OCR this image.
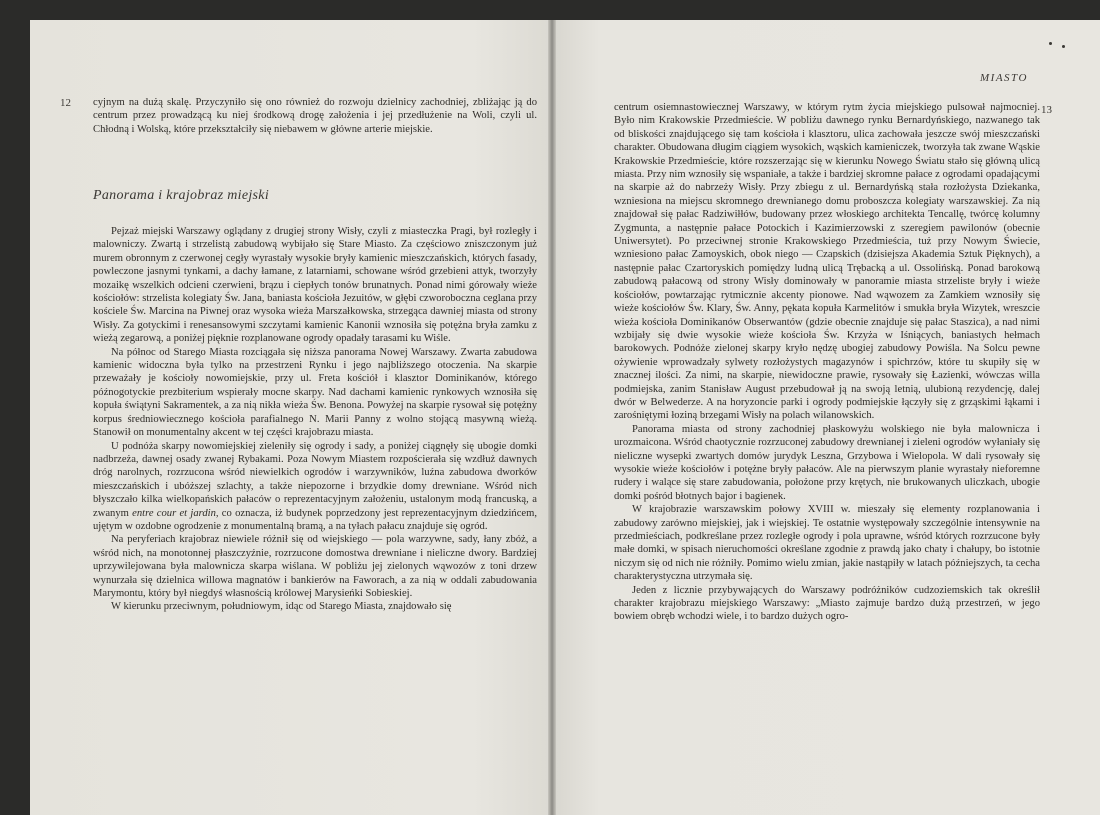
12 cyjnym na dużą skalę. Przyczyniło się ono również do rozwoju dzielnicy zachodniej, zbliżając ją do centrum przez prowadzącą ku niej środkową drogę założenia i jej przedłużenie na Woli, czyli ul. Chłodną i Wolską, które przekształciły się niebawem w główne arterie miejskie.

Panorama i krajobraz miejski

Pejzaż miejski Warszawy oglądany z drugiej strony Wisły, czyli z miasteczka Pragi, był rozległy i malowniczy. Zwartą i strzelistą zabudową wybijało się Stare Miasto. Za częściowo zniszczonym już murem obronnym z czerwonej cegły wyrastały wysokie bryły kamienic mieszczańskich, których fasady, powleczone jasnymi tynkami, a dachy łamane, z latarniami, schowane wśród grzebieni attyk, tworzyły mozaikę wszelkich odcieni czerwieni, brązu i ciepłych tonów brunatnych. Ponad nimi górowały wieże kościołów: strzelista kolegiaty Św. Jana, baniasta kościoła Jezuitów, w głębi czworoboczna ceglana przy kościele Św. Marcina na Piwnej oraz wysoka wieża Marszałkowska, strzegąca dawniej miasta od strony Wisły. Za gotyckimi i renesansowymi szczytami kamienic Kanonii wznosiła się potężna bryła zamku z wieżą zegarową, a poniżej pięknie rozplanowane ogrody opadały tarasami ku Wiśle.

Na północ od Starego Miasta rozciągała się niższa panorama Nowej Warszawy. Zwarta zabudowa kamienic widoczna była tylko na przestrzeni Rynku i jego najbliższego otoczenia. Na skarpie przeważały je kościoły nowomiejskie, przy ul. Freta kościół i klasztor Dominikanów, którego późnogotyckie prezbiterium wspierały mocne skarpy. Nad dachami kamienic rynkowych wznosiła się kopuła świątyni Sakramentek, a za nią nikła wieża Św. Benona. Powyżej na skarpie rysował się potężny korpus średniowiecznego kościoła parafialnego N. Marii Panny z wolno stojącą masywną wieżą. Stanowił on monumentalny akcent w tej części krajobrazu miasta.

U podnóża skarpy nowomiejskiej zieleniły się ogrody i sady, a poniżej ciągnęły się ubogie domki nadbrzeża, dawnej osady zwanej Rybakami. Poza Nowym Miastem rozpościerała się wzdłuż dawnych dróg narolnych, rozrzucona wśród niewielkich ogrodów i warzywników, luźna zabudowa dworków mieszczańskich i ubóższej szlachty, a także niepozorne i brzydkie domy drewniane. Wśród nich błyszczało kilka wielkopańskich pałaców o reprezentacyjnym założeniu, ustalonym modą francuską, a zwanym entre cour et jardin, co oznacza, iż budynek poprzedzony jest reprezentacyjnym dziedzińcem, ujętym w ozdobne ogrodzenie z monumentalną bramą, a na tyłach pałacu znajduje się ogród.

Na peryferiach krajobraz niewiele różnił się od wiejskiego — pola warzywne, sady, łany zbóż, a wśród nich, na monotonnej płaszczyźnie, rozrzucone domostwa drewniane i nieliczne dwory. Bardziej uprzywilejowana była malownicza skarpa wiślana. W pobliżu jej zielonych wąwozów z toni drzew wynurzała się dzielnica willowa magnatów i bankierów na Faworach, a za nią w oddali zabudowania Marymontu, który był niegdyś własnością królowej Marysieńki Sobieskiej.

W kierunku przeciwnym, południowym, idąc od Starego Miasta, znajdowało się

MIASTO
13

centrum osiemnastowiecznej Warszawy, w którym rytm życia miejskiego pulsował najmocniej. Było nim Krakowskie Przedmieście. W pobliżu dawnego rynku Bernardyńskiego, nazwanego tak od bliskości znajdującego się tam kościoła i klasztoru, ulica zachowała jeszcze swój mieszczański charakter. Obudowana długim ciągiem wysokich, wąskich kamieniczek, tworzyła tak zwane Wąskie Krakowskie Przedmieście, które rozszerzając się w kierunku Nowego Światu stało się główną ulicą miasta. Przy nim wznosiły się wspaniałe, a także i bardziej skromne pałace z ogrodami opadającymi na skarpie aż do nabrzeży Wisły. Przy zbiegu z ul. Bernardyńską stała rozłożysta Dziekanka, wzniesiona na miejscu skromnego drewnianego domu proboszcza kolegiaty warszawskiej. Za nią znajdował się pałac Radziwiłłów, budowany przez włoskiego architekta Tencallę, twórcę kolumny Zygmunta, a następnie pałace Potockich i Kazimierzowski z szeregiem pawilonów (obecnie Uniwersytet). Po przeciwnej stronie Krakowskiego Przedmieścia, tuż przy Nowym Świecie, wzniesiono pałac Zamoyskich, obok niego — Czapskich (dzisiejsza Akademia Sztuk Pięknych), a następnie pałac Czartoryskich pomiędzy ludną ulicą Trębacką a ul. Ossolińską. Ponad barokową zabudową pałacową od strony Wisły dominowały w panoramie miasta strzeliste bryły i wieże kościołów, powtarzając rytmicznie akcenty pionowe. Nad wąwozem za Zamkiem wznosiły się wieże kościołów Św. Klary, Św. Anny, pękata kopuła Karmelitów i smukła bryła Wizytek, wreszcie wieża kościoła Dominikanów Obserwantów (gdzie obecnie znajduje się pałac Staszica), a nad nimi wzbijały się dwie wysokie wieże kościoła Św. Krzyża w Iśniących, baniastych hełmach barokowych. Podnóże zielonej skarpy kryło nędzę ubogiej zabudowy Powiśla. Na Solcu pewne ożywienie wprowadzały sylwety rozłożystych magazynów i spichrzów, które tu skupiły się w znacznej ilości. Za nimi, na skarpie, niewidoczne prawie, rysowały się Łazienki, wówczas willa podmiejska, zanim Stanisław August przebudował ją na swoją letnią, ulubioną rezydencję, dalej dwór w Belwederze. A na horyzoncie parki i ogrody podmiejskie łączyły się z grząskimi łąkami i zarośniętymi łoziną brzegami Wisły na polach wilanowskich.

Panorama miasta od strony zachodniej płaskowyżu wolskiego nie była malownicza i urozmaicona. Wśród chaotycznie rozrzuconej zabudowy drewnianej i zieleni ogrodów wyłaniały się nieliczne wysepki zwartych domów jurydyk Leszna, Grzybowa i Wielopola. W dali rysowały się wysokie wieże kościołów i potężne bryły pałaców. Ale na pierwszym planie wyrastały nieforemne rudery i walące się stare zabudowania, położone przy krętych, nie brukowanych uliczkach, ubogie domki pośród błotnych bajor i bagienek.

W krajobrazie warszawskim połowy XVIII w. mieszały się elementy rozplanowania i zabudowy zarówno miejskiej, jak i wiejskiej. Te ostatnie występowały szczególnie intensywnie na przedmieściach, podkreślane przez rozległe ogrody i pola uprawne, wśród których rozrzucone były małe domki, w spisach nieruchomości określane zgodnie z prawdą jako chaty i chałupy, bo istotnie niczym się od nich nie różniły. Pomimo wielu zmian, jakie nastąpiły w latach późniejszych, ta cecha charakterystyczna utrzymała się.

Jeden z licznie przybywających do Warszawy podróżników cudzoziemskich tak określił charakter krajobrazu miejskiego Warszawy: „Miasto zajmuje bardzo dużą przestrzeń, w jego bowiem obręb wchodzi wiele, i to bardzo dużych ogro-
